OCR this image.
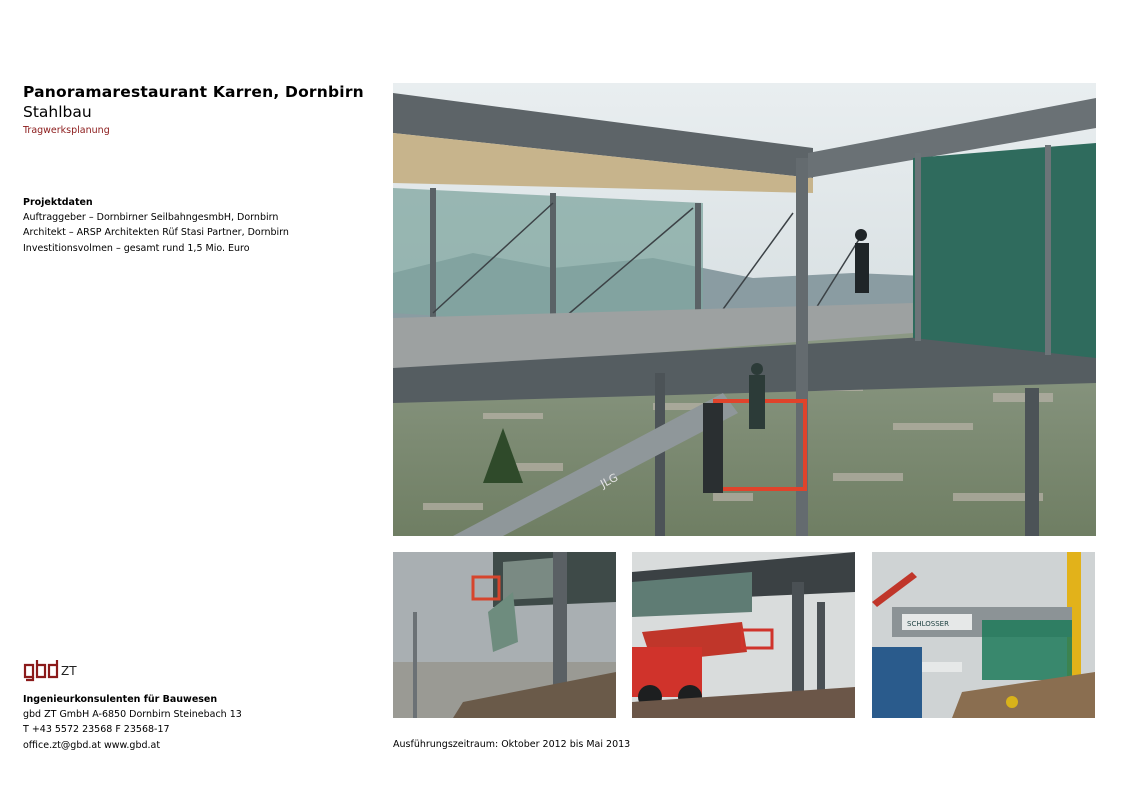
Panoramarestaurant Karren, Dornbirn
Stahlbau
Tragwerksplanung
Projektdaten
Auftraggeber – Dornbirner SeilbahngesmbH, Dornbirn
Architekt – ARSP Architekten Rüf Stasi Partner, Dornbirn
Investitionsvolmen – gesamt rund 1,5 Mio. Euro
JLG
SCHLOSSER
Ausführungszeitraum: Oktober 2012 bis Mai 2013
ZT
Ingenieurkonsulenten für Bauwesen
gbd ZT GmbH A-6850 Dornbirn Steinebach 13
T +43 5572 23568 F 23568-17
office.zt@gbd.at www.gbd.at
